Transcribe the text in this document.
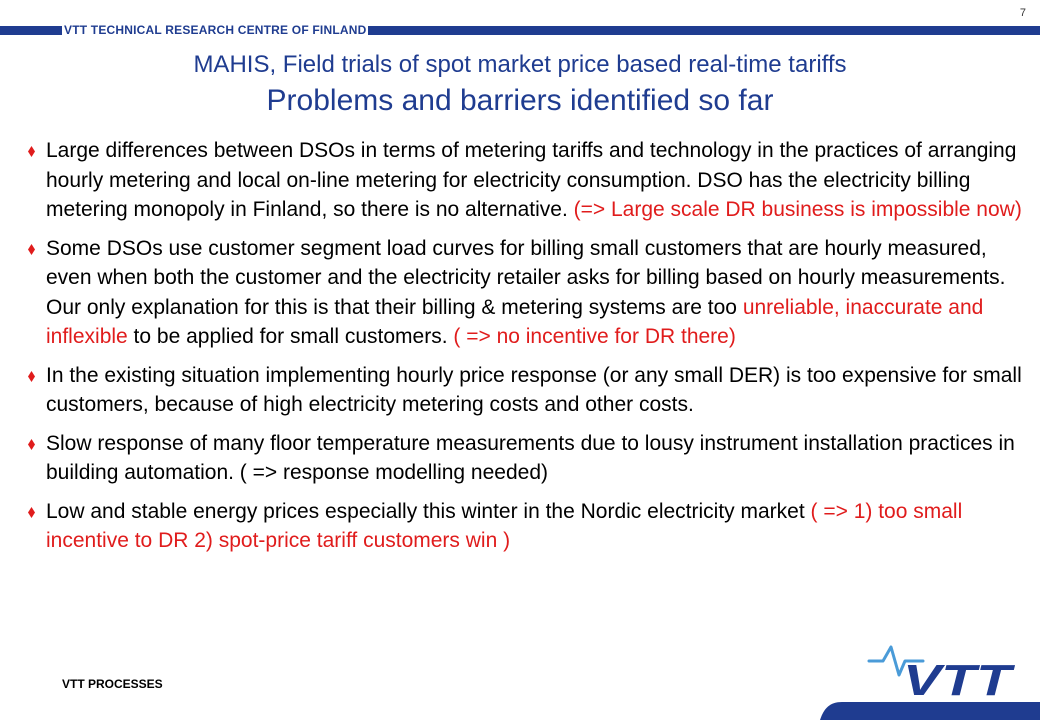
VTT TECHNICAL RESEARCH CENTRE OF FINLAND
7
MAHIS, Field trials of spot market price based real-time tariffs
Problems and barriers identified so far
Large differences between DSOs in terms of metering tariffs and technology in the practices of arranging hourly metering and local on-line metering for electricity consumption. DSO has the electricity billing metering monopoly in Finland, so there is no alternative. (=> Large scale DR business is impossible now)
Some DSOs use customer segment load curves for billing small customers that are hourly measured, even when both the customer and the electricity retailer asks for billing based on hourly measurements. Our only explanation for this is that their billing & metering systems are too unreliable, inaccurate and inflexible to be applied for small customers. ( => no incentive for DR there)
In the existing situation implementing hourly price response (or any small DER) is too expensive for small customers, because of high electricity metering costs and other costs.
Slow response of many floor temperature measurements due to lousy instrument installation practices in building automation. ( => response modelling needed)
Low and stable energy prices especially this winter in the Nordic electricity market ( => 1) too small incentive to DR 2) spot-price tariff customers win )
VTT PROCESSES	VTT
